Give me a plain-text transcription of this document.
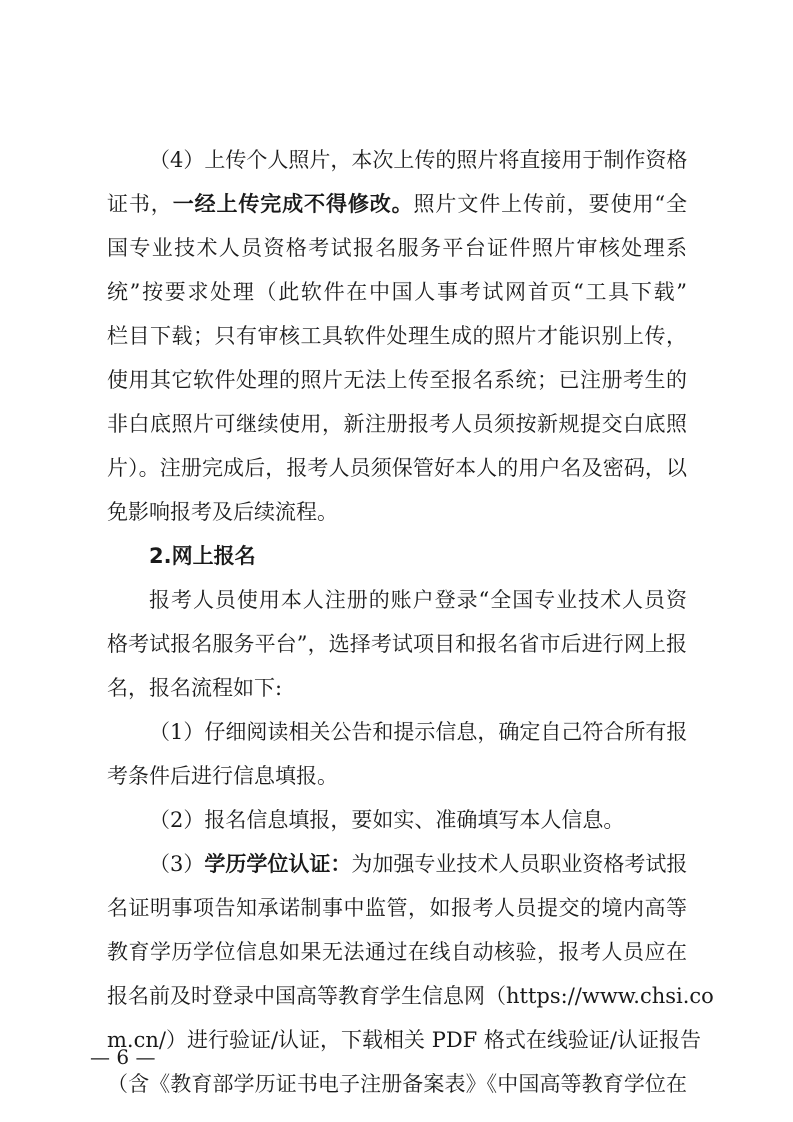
（4）上传个人照片，本次上传的照片将直接用于制作资格
证书，一经上传完成不得修改。照片文件上传前，要使用“全
国专业技术人员资格考试报名服务平台证件照片审核处理系
统”按要求处理（此软件在中国人事考试网首页“工具下载”
栏目下载；只有审核工具软件处理生成的照片才能识别上传，
使用其它软件处理的照片无法上传至报名系统；已注册考生的
非白底照片可继续使用，新注册报考人员须按新规提交白底照
片）。注册完成后，报考人员须保管好本人的用户名及密码，以
免影响报考及后续流程。
2.网上报名
报考人员使用本人注册的账户登录“全国专业技术人员资
格考试报名服务平台”，选择考试项目和报名省市后进行网上报
名，报名流程如下:
（1）仔细阅读相关公告和提示信息，确定自己符合所有报
考条件后进行信息填报。
（2）报名信息填报，要如实、准确填写本人信息。
（3）学历学位认证：为加强专业技术人员职业资格考试报
名证明事项告知承诺制事中监管，如报考人员提交的境内高等
教育学历学位信息如果无法通过在线自动核验，报考人员应在
报名前及时登录中国高等教育学生信息网（https://www.chsi.co
m.cn/）进行验证/认证，下载相关 PDF 格式在线验证/认证报告
（含《教育部学历证书电子注册备案表》《中国高等教育学位在
— 6 —
